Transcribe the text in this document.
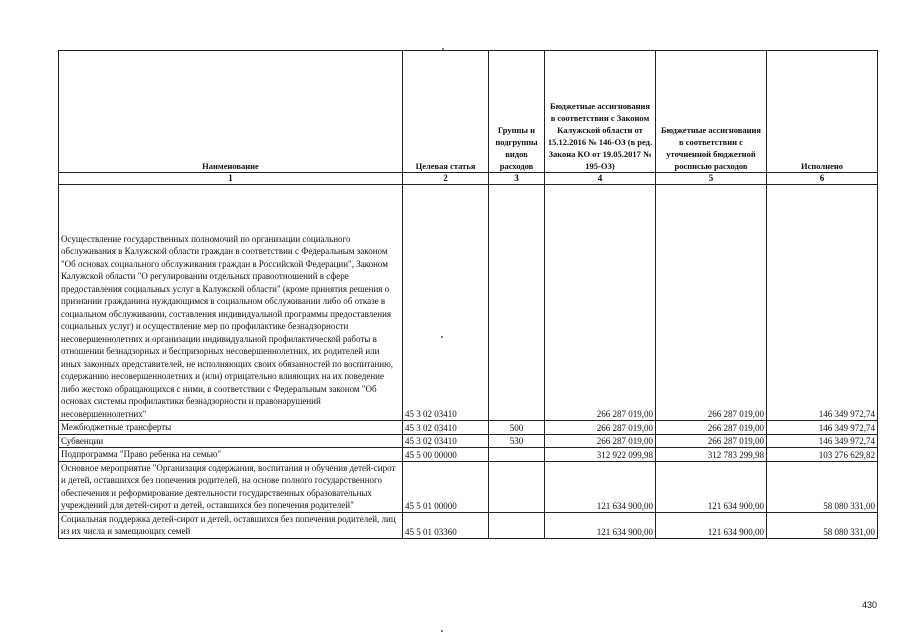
Наименование	Целевая статья	Группы и подгруппы видов расходов	Бюджетные ассигнования в соответствии с Законом Калужской области от 15.12.2016 № 146-ОЗ (в ред. Закона КО от 19.05.2017 № 195-ОЗ)	Бюджетные ассигнования в соответствии с уточненной бюджетной росписью расходов	Исполнено
1	2	3	4	5	6
Осуществление государственных полномочий по организации социального обслуживания в Калужской области граждан в соответствии с Федеральным законом "Об основах социального обслуживания граждан в Российской Федерации", Законом Калужской области "О регулировании отдельных правоотношений в сфере предоставления социальных услуг в Калужской области" (кроме принятия решения о признании гражданина нуждающимся в социальном обслуживании либо об отказе в социальном обслуживании, составления индивидуальной программы предоставления социальных услуг) и осуществление мер по профилактике безнадзорности несовершеннолетних и организации индивидуальной профилактической работы в отношении безнадзорных и беспризорных несовершеннолетних, их родителей или иных законных представителей, не исполняющих своих обязанностей по воспитанию, содержанию несовершеннолетних и (или) отрицательно влияющих на их поведение либо жестоко обращающихся с ними, в соответствии с Федеральным законом "Об основах системы профилактики безнадзорности и правонарушений несовершеннолетних"	45 3 02 03410		266 287 019,00	266 287 019,00	146 349 972,74
Межбюджетные трансферты	45 3 02 03410	500	266 287 019,00	266 287 019,00	146 349 972,74
Субвенции	45 3 02 03410	530	266 287 019,00	266 287 019,00	146 349 972,74
Подпрограмма "Право ребенка на семью"	45 5 00 00000		312 922 099,98	312 783 299,98	103 276 629,82
Основное мероприятие "Организация содержания, воспитания и обучения детей-сирот и детей, оставшихся без попечения родителей, на основе полного государственного обеспечения и реформирование деятельности государственных образовательных учреждений для детей-сирот и детей, оставшихся без попечения родителей"	45 5 01 00000		121 634 900,00	121 634 900,00	58 080 331,00
Социальная поддержка детей-сирот и детей, оставшихся без попечения родителей, лиц из их числа и замещающих семей	45 5 01 03360		121 634 900,00	121 634 900,00	58 080 331,00
430
